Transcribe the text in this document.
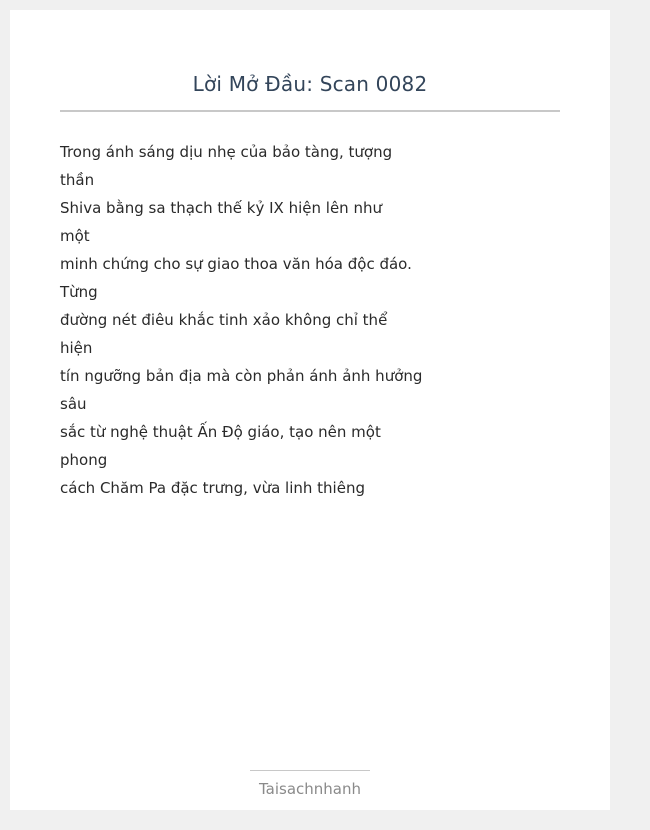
Lời Mở Đầu: Scan 0082
Trong ánh sáng dịu nhẹ của bảo tàng, tượng
thần
Shiva bằng sa thạch thế kỷ IX hiện lên như
một
minh chứng cho sự giao thoa văn hóa độc đáo.
Từng
đường nét điêu khắc tinh xảo không chỉ thể
hiện
tín ngưỡng bản địa mà còn phản ánh ảnh hưởng
sâu
sắc từ nghệ thuật Ấn Độ giáo, tạo nên một
phong
cách Chăm Pa đặc trưng, vừa linh thiêng
Taisachnhanh
